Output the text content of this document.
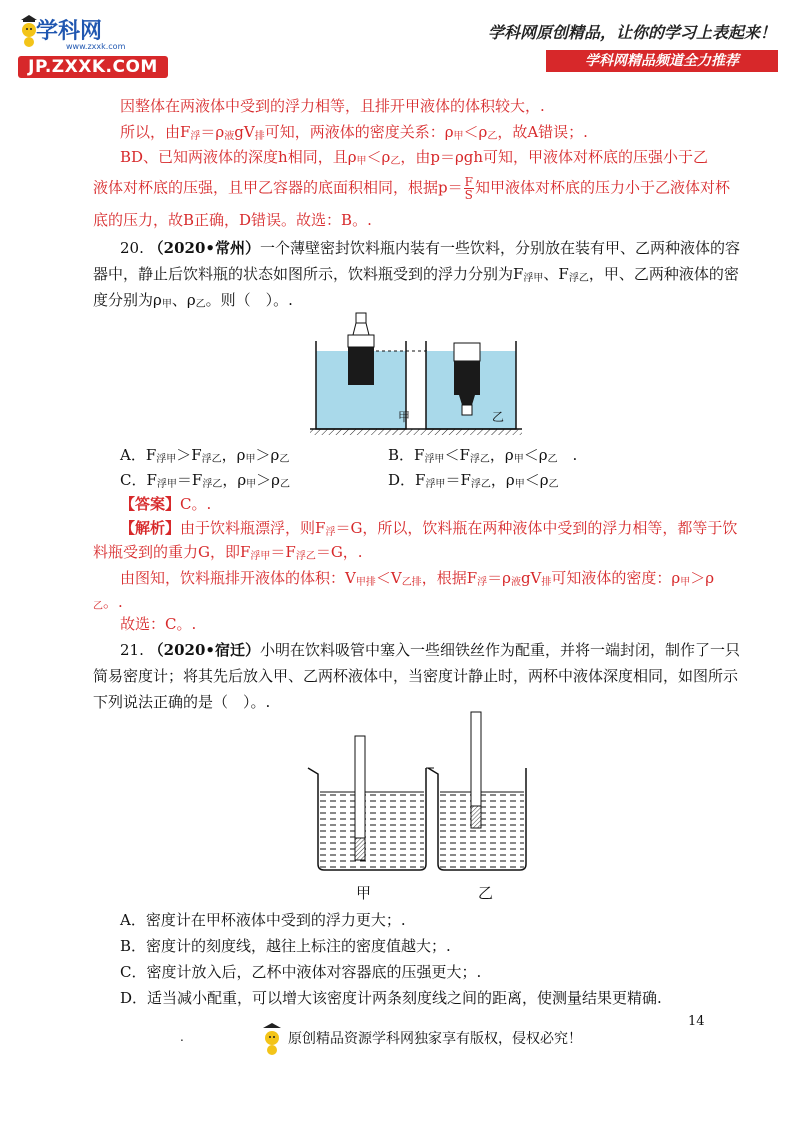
学科网
www.zxxk.com
JP.ZXXK.COM
学科网原创精品，让你的学习上表起来！
学科网精品频道全力推荐
因整体在两液体中受到的浮力相等，且排开甲液体的体积较大，.
所以，由$F_浮=\rho_液gV_排$可知，两液体的密度关系：$\rho_甲<\rho_乙$，故A错误；.
BD、已知两液体的深度h相同，且$\rho_甲<\rho_乙$，由p＝ρgh可知，甲液体对杯底的压强小于乙
液体对杯底的压强，且甲乙容器的底面积相同，根据$p= \frac{F}{S}$ 知甲液体对杯底的压力小于乙液体对杯
底的压力，故B正确，D错误。故选：B。.
20. （2020•常州）一个薄壁密封饮料瓶内装有一些饮料，分别放在装有甲、乙两种液体的容
器中，静止后饮料瓶的状态如图所示，饮料瓶受到的浮力分别为$F_{浮甲}$、$F_{浮乙}$，甲、乙两种液体的密
度分别为$\rho_甲$、$\rho_乙$。则（　）。.
甲	乙
A．$F_{浮甲}>F_{浮乙}$，$\rho_甲>\rho_乙$	B．$F_{浮甲}<F_{浮乙}$，$\rho_甲<\rho_乙$　.
C．$F_{浮甲}=F_{浮乙}$，$\rho_甲>\rho_乙$	D．$F_{浮甲}=F_{浮乙}$，$\rho_甲<\rho_乙$
【答案】C。.
【解析】由于饮料瓶漂浮，则$F_浮=G$，所以，饮料瓶在两种液体中受到的浮力相等，都等于饮
料瓶受到的重力G，即$F_{浮甲}=F_{浮乙}=G$，.
由图知，饮料瓶排开液体的体积：$V_{甲排}<V_{乙排}$，根据$F_浮=\rho_液gV_排$可知液体的密度：$\rho_甲>\rho$
$_乙$。.
故选：C。.
21. （2020•宿迁）小明在饮料吸管中塞入一些细铁丝作为配重，并将一端封闭，制作了一只
简易密度计；将其先后放入甲、乙两杯液体中，当密度计静止时，两杯中液体深度相同，如图所示
下列说法正确的是（　）。.
甲	乙
A．密度计在甲杯液体中受到的浮力更大；.
B．密度计的刻度线，越往上标注的密度值越大；.
C．密度计放入后，乙杯中液体对容器底的压强更大；.
D．适当减小配重，可以增大该密度计两条刻度线之间的距离，使测量结果更精确.
14
.	原创精品资源学科网独家享有版权，侵权必究！
